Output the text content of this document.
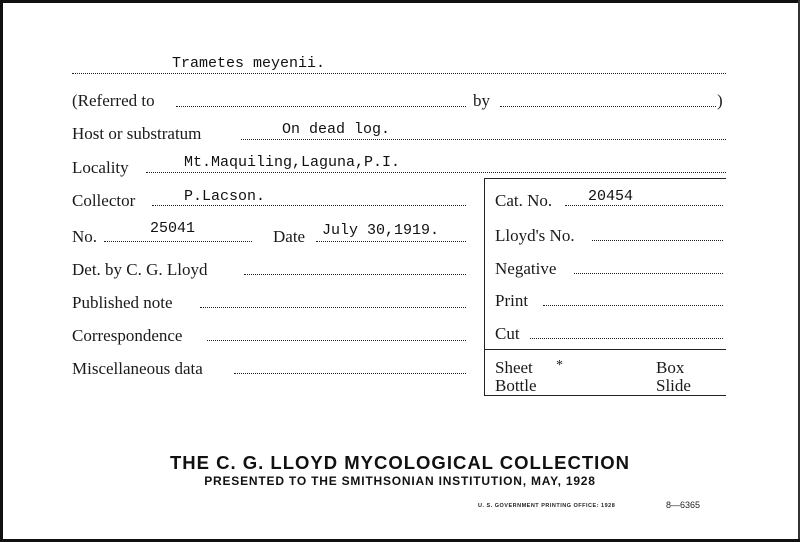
Trametes meyenii.
(Referred to	by	)
Host or substratum	On dead log.
Locality	Mt.Maquiling,Laguna,P.I.
Collector	P.Lacson.	Cat. No. 20454
No.	25041	Date July 30,1919.	Lloyd's No.
Det. by C. G. Lloyd	Negative
Published note	Print
Correspondence	Cut
Miscellaneous data	Sheet *	Box
Bottle	Slide
THE C. G. LLOYD MYCOLOGICAL COLLECTION
PRESENTED TO THE SMITHSONIAN INSTITUTION, MAY, 1928
U. S. GOVERNMENT PRINTING OFFICE: 1928	8—6365
